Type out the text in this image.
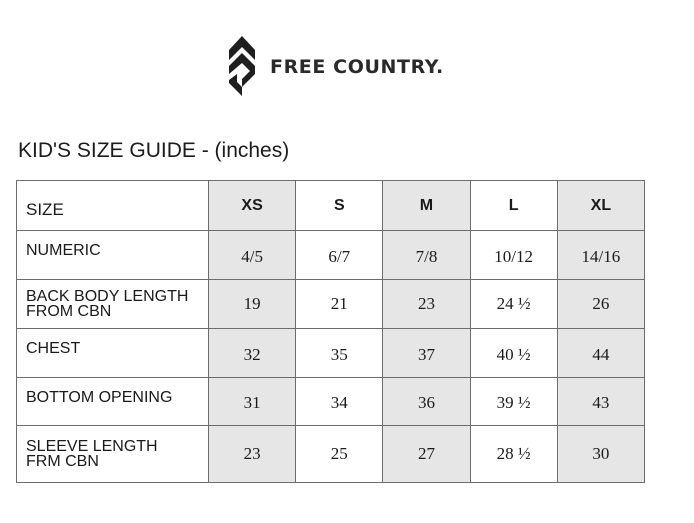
FREE COUNTRY.
KID'S SIZE GUIDE - (inches)
SIZE	XS	S	M	L	XL

NUMERIC	4/5	6/7	7/8	10/12	14/16

BACK BODY LENGTH
FROM CBN	19	21	23	24 ½	26

CHEST	32	35	37	40 ½	44

BOTTOM OPENING	31	34	36	39 ½	43

SLEEVE LENGTH
FRM CBN	23	25	27	28 ½	30
